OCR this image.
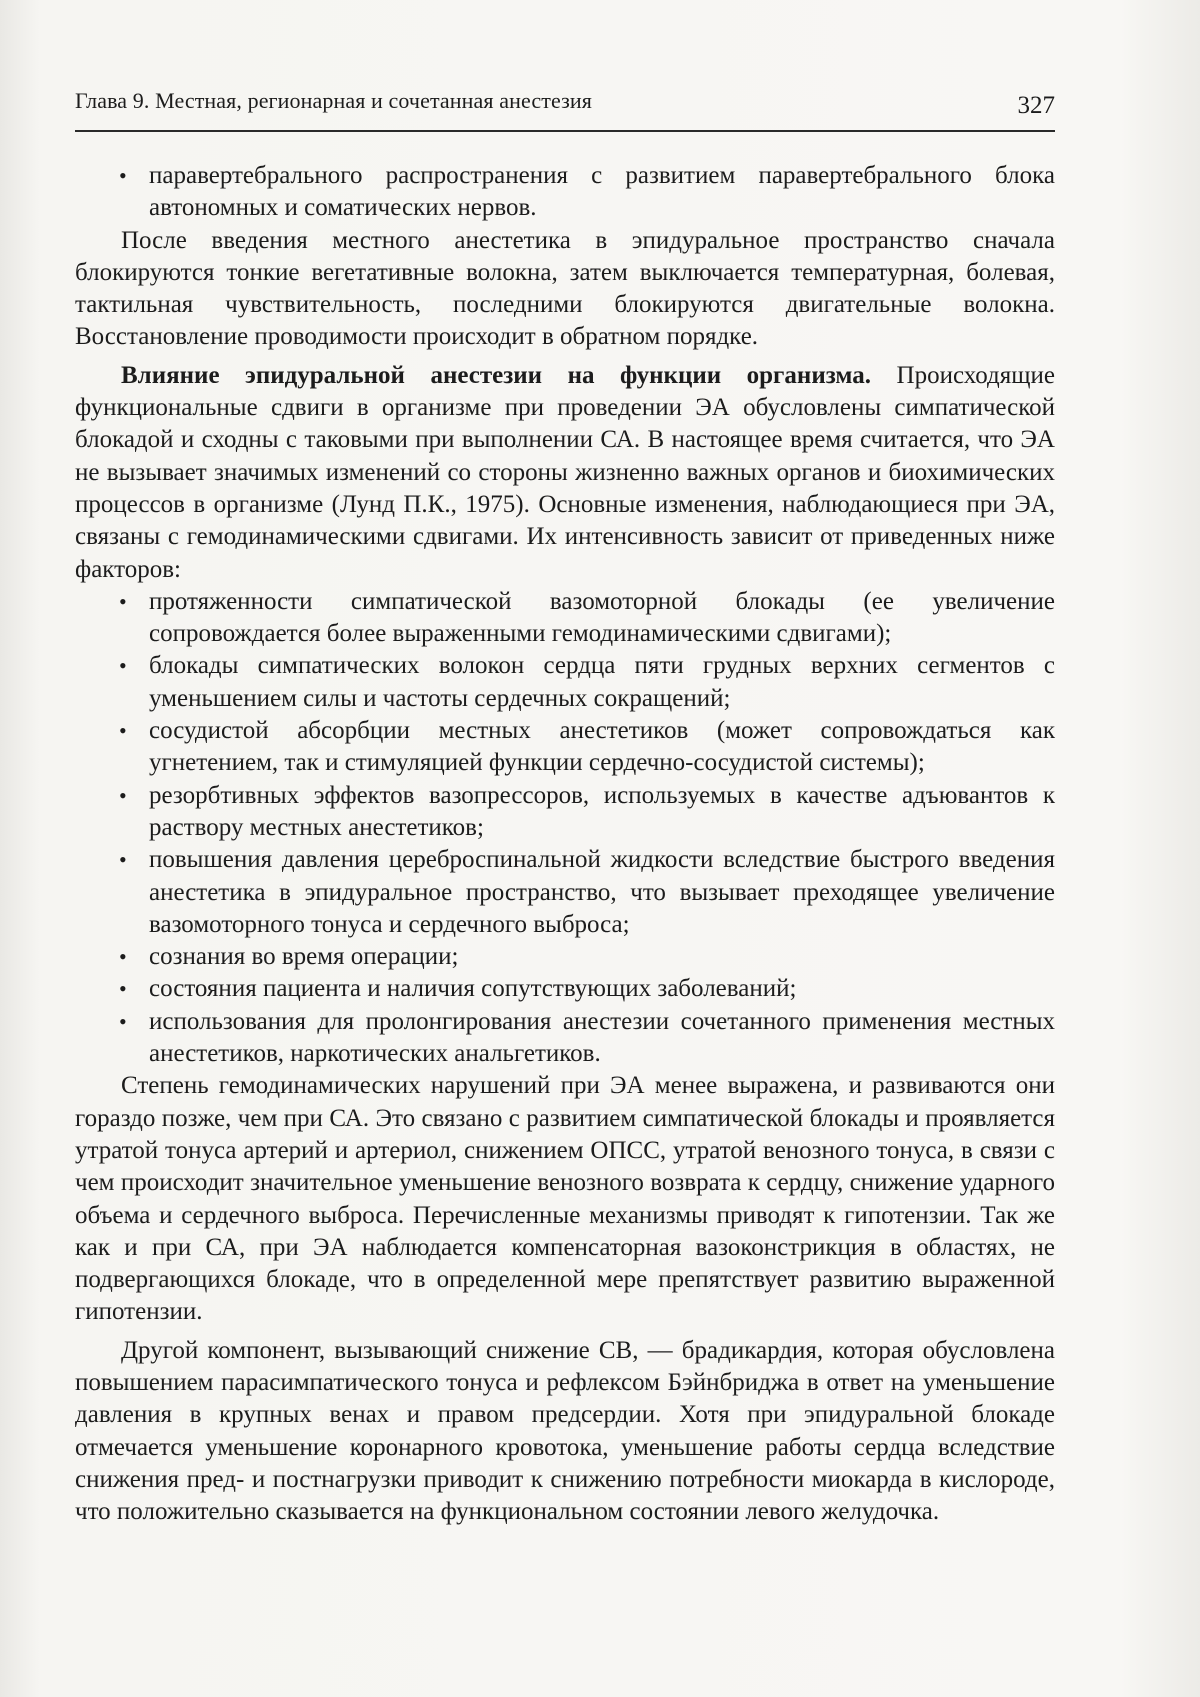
Глава 9. Местная, регионарная и сочетанная анестезия	327
• паравертебрального распространения с развитием паравертебрального блока автономных и соматических нервов.

После введения местного анестетика в эпидуральное пространство сначала блокируются тонкие вегетативные волокна, затем выключается температурная, болевая, тактильная чувствительность, последними блокируются двигательные волокна. Восстановление проводимости происходит в обратном порядке.

Влияние эпидуральной анестезии на функции организма. Происходящие функциональные сдвиги в организме при проведении ЭА обусловлены симпатической блокадой и сходны с таковыми при выполнении СА. В настоящее время считается, что ЭА не вызывает значимых изменений со стороны жизненно важных органов и биохимических процессов в организме (Лунд П.К., 1975). Основные изменения, наблюдающиеся при ЭА, связаны с гемодинамическими сдвигами. Их интенсивность зависит от приведенных ниже факторов:

• протяженности симпатической вазомоторной блокады (ее увеличение сопровождается более выраженными гемодинамическими сдвигами);
• блокады симпатических волокон сердца пяти грудных верхних сегментов с уменьшением силы и частоты сердечных сокращений;
• сосудистой абсорбции местных анестетиков (может сопровождаться как угнетением, так и стимуляцией функции сердечно-сосудистой системы);
• резорбтивных эффектов вазопрессоров, используемых в качестве адъювантов к раствору местных анестетиков;
• повышения давления цереброспинальной жидкости вследствие быстрого введения анестетика в эпидуральное пространство, что вызывает преходящее увеличение вазомоторного тонуса и сердечного выброса;
• сознания во время операции;
• состояния пациента и наличия сопутствующих заболеваний;
• использования для пролонгирования анестезии сочетанного применения местных анестетиков, наркотических анальгетиков.

Степень гемодинамических нарушений при ЭА менее выражена, и развиваются они гораздо позже, чем при СА. Это связано с развитием симпатической блокады и проявляется утратой тонуса артерий и артериол, снижением ОПСС, утратой венозного тонуса, в связи с чем происходит значительное уменьшение венозного возврата к сердцу, снижение ударного объема и сердечного выброса. Перечисленные механизмы приводят к гипотензии. Так же как и при СА, при ЭА наблюдается компенсаторная вазоконстрикция в областях, не подвергающихся блокаде, что в определенной мере препятствует развитию выраженной гипотензии.

Другой компонент, вызывающий снижение СВ, — брадикардия, которая обусловлена повышением парасимпатического тонуса и рефлексом Бэйнбриджа в ответ на уменьшение давления в крупных венах и правом предсердии. Хотя при эпидуральной блокаде отмечается уменьшение коронарного кровотока, уменьшение работы сердца вследствие снижения пред- и постнагрузки приводит к снижению потребности миокарда в кислороде, что положительно сказывается на функциональном состоянии левого желудочка.
